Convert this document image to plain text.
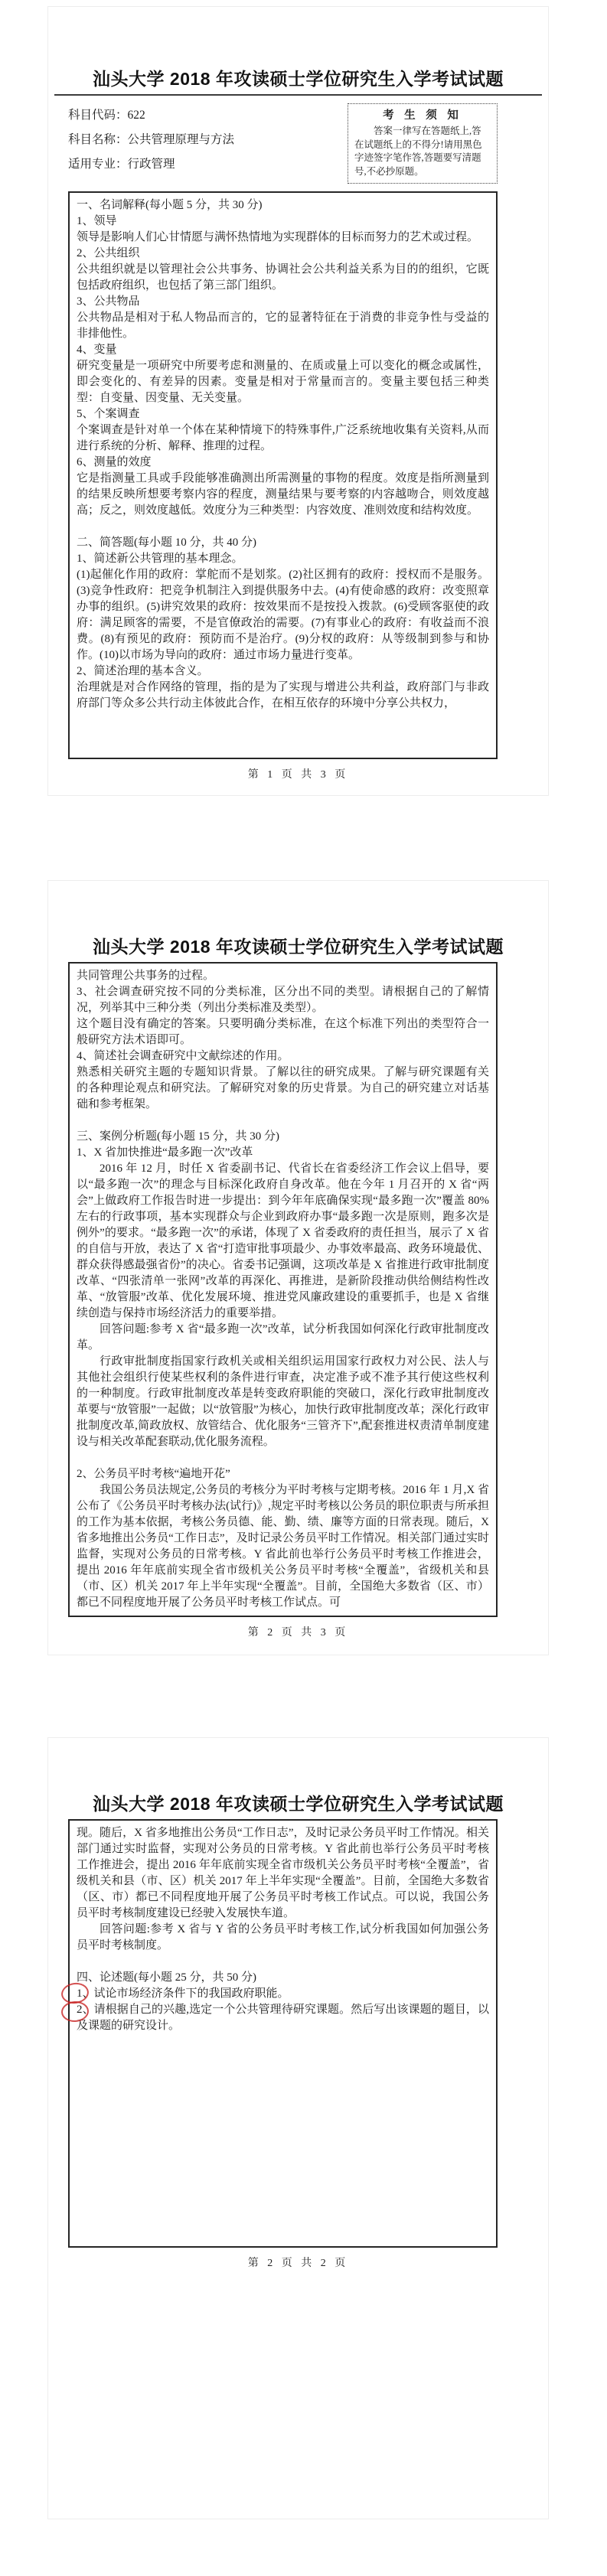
汕头大学 2018 年攻读硕士学位研究生入学考试试题
科目代码：622
科目名称：公共管理原理与方法
适用专业：行政管理

考 生 须 知

答案一律写在答题纸上,答在试题纸上的不得分!请用黑色字迹签字笔作答,答题要写清题号,不必抄原题。

一、名词解释(每小题 5 分，共 30 分)

1、领导

领导是影响人们心甘情愿与满怀热情地为实现群体的目标而努力的艺术或过程。

2、公共组织

公共组织就是以管理社会公共事务、协调社会公共利益关系为目的的组织，它既包括政府组织，也包括了第三部门组织。

3、公共物品

公共物品是相对于私人物品而言的，它的显著特征在于消费的非竞争性与受益的非排他性。

4、变量

研究变量是一项研究中所要考虑和测量的、在质或量上可以变化的概念或属性，即会变化的、有差异的因素。变量是相对于常量而言的。变量主要包括三种类型：自变量、因变量、无关变量。

5、个案调查

个案调查是针对单一个体在某种情境下的特殊事件,广泛系统地收集有关资料,从而进行系统的分析、解释、推理的过程。

6、测量的效度

它是指测量工具或手段能够准确测出所需测量的事物的程度。效度是指所测量到的结果反映所想要考察内容的程度，测量结果与要考察的内容越吻合，则效度越高；反之，则效度越低。效度分为三种类型：内容效度、准则效度和结构效度。

二、简答题(每小题 10 分，共 40 分)

1、简述新公共管理的基本理念。

(1)起催化作用的政府：掌舵而不是划浆。(2)社区拥有的政府：授权而不是服务。(3)竞争性政府：把竞争机制注入到提供服务中去。(4)有使命感的政府：改变照章办事的组织。(5)讲究效果的政府：按效果而不是按投入拨款。(6)受顾客驱使的政府：满足顾客的需要，不是官僚政治的需要。(7)有事业心的政府：有收益而不浪费。(8)有预见的政府：预防而不是治疗。(9)分权的政府：从等级制到参与和协作。(10)以市场为导向的政府：通过市场力量进行变革。

2、简述治理的基本含义。

治理就是对合作网络的管理，指的是为了实现与增进公共利益，政府部门与非政府部门等众多公共行动主体彼此合作，在相互依存的环境中分享公共权力，

第 1 页 共 3 页
汕头大学 2018 年攻读硕士学位研究生入学考试试题

共同管理公共事务的过程。

3、社会调查研究按不同的分类标准，区分出不同的类型。请根据自己的了解情况，列举其中三种分类（列出分类标准及类型）。

这个题目没有确定的答案。只要明确分类标准，在这个标准下列出的类型符合一般研究方法术语即可。

4、简述社会调查研究中文献综述的作用。

熟悉相关研究主题的专题知识背景。了解以往的研究成果。了解与研究课题有关的各种理论观点和研究法。了解研究对象的历史背景。为自己的研究建立对话基础和参考框架。

三、案例分析题(每小题 15 分，共 30 分)

1、X 省加快推进“最多跑一次”改革

2016 年 12 月，时任 X 省委副书记、代省长在省委经济工作会议上倡导，要以“最多跑一次”的理念与目标深化政府自身改革。他在今年 1 月召开的 X 省“两会”上做政府工作报告时进一步提出：到今年年底确保实现“最多跑一次”覆盖 80%左右的行政事项，基本实现群众与企业到政府办事“最多跑一次是原则，跑多次是例外”的要求。“最多跑一次”的承诺，体现了 X 省委政府的责任担当，展示了 X 省的自信与开放，表达了 X 省“打造审批事项最少、办事效率最高、政务环境最优、群众获得感最强省份”的决心。省委书记强调，这项改革是 X 省推进行政审批制度改革、“四张清单一张网”改革的再深化、再推进，是新阶段推动供给侧结构性改革、“放管服”改革、优化发展环境、推进党风廉政建设的重要抓手，也是 X 省继续创造与保持市场经济活力的重要举措。

回答问题:参考 X 省“最多跑一次”改革，试分析我国如何深化行政审批制度改革。

行政审批制度指国家行政机关或相关组织运用国家行政权力对公民、法人与其他社会组织行使某些权利的条件进行审查，决定准予或不准予其行使这些权利的一种制度。行政审批制度改革是转变政府职能的突破口，深化行政审批制度改革要与“放管服”一起做；以“放管服”为核心，加快行政审批制度改革；深化行政审批制度改革,简政放权、放管结合、优化服务“三管齐下”,配套推进权责清单制度建设与相关改革配套联动,优化服务流程。

2、公务员平时考核“遍地开花”

我国公务员法规定,公务员的考核分为平时考核与定期考核。2016 年 1 月,X 省公布了《公务员平时考核办法(试行)》,规定平时考核以公务员的职位职责与所承担的工作为基本依据，考核公务员德、能、勤、绩、廉等方面的日常表现。随后，X 省多地推出公务员“工作日志”，及时记录公务员平时工作情况。相关部门通过实时监督，实现对公务员的日常考核。Y 省此前也举行公务员平时考核工作推进会，提出 2016 年年底前实现全省市级机关公务员平时考核“全覆盖”，省级机关和县（市、区）机关 2017 年上半年实现“全覆盖”。目前，全国绝大多数省（区、市）都已不同程度地开展了公务员平时考核工作试点。可

第 2 页 共 3 页
汕头大学 2018 年攻读硕士学位研究生入学考试试题

现。随后，X 省多地推出公务员“工作日志”，及时记录公务员平时工作情况。相关部门通过实时监督，实现对公务员的日常考核。Y 省此前也举行公务员平时考核工作推进会，提出 2016 年年底前实现全省市级机关公务员平时考核“全覆盖”，省级机关和县（市、区）机关 2017 年上半年实现“全覆盖”。目前，全国绝大多数省（区、市）都已不同程度地开展了公务员平时考核工作试点。可以说，我国公务员平时考核制度建设已经驶入发展快车道。

回答问题:参考 X 省与 Y 省的公务员平时考核工作,试分析我国如何加强公务员平时考核制度。

四、论述题(每小题 25 分，共 50 分)

1、试论市场经济条件下的我国政府职能。

2、请根据自己的兴趣,选定一个公共管理待研究课题。然后写出该课题的题目，以及课题的研究设计。

第 2 页 共 2 页
